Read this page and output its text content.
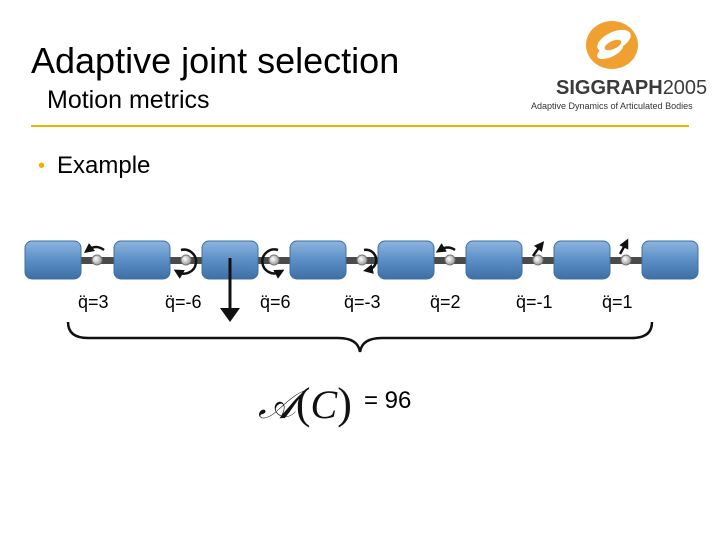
Adaptive joint selection
Motion metrics	SIGGRAPH2005
Adaptive Dynamics of Articulated Bodies
• Example
q̈=3	q̈=-6	q̈=6	q̈=-3	q̈=2	q̈=-1	q̈=1
𝒜(C) = 96
